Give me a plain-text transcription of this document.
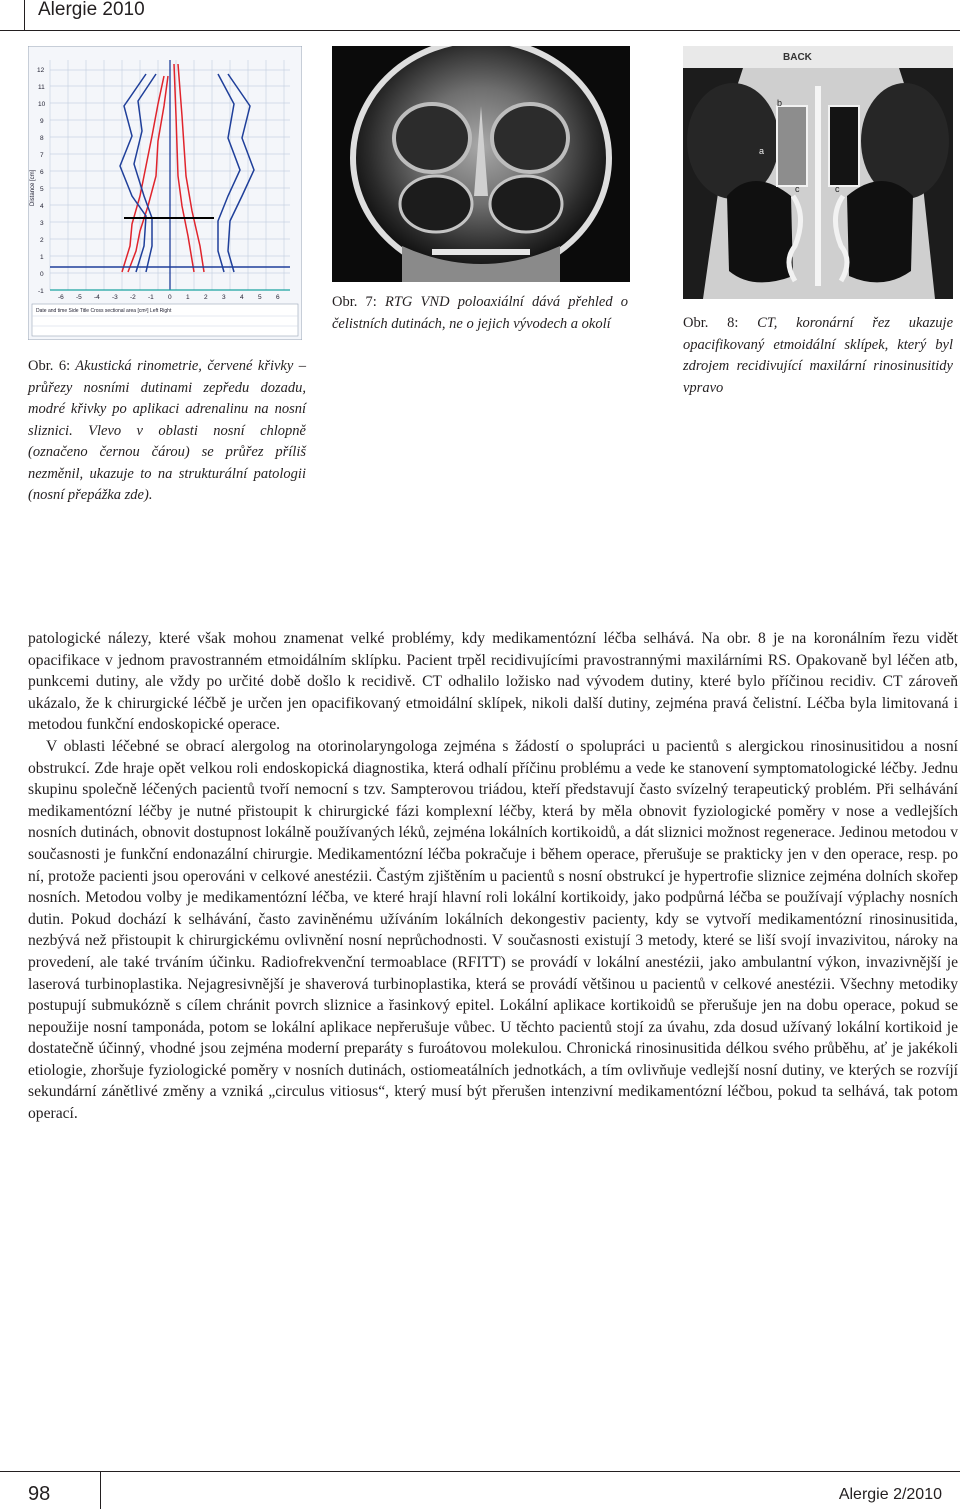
Alergie 2010
12
11
10
9
8
7
6
5
4
3
2
1
0
-1
Distance [cm]
-6 -5 -4 -3 -2 -1 0 1 2 3 4 5 6
Date and time Side Title Cross sectional area [cm²] Left Right
Obr. 6: Akustická rinometrie, červené křivky – průřezy nosními dutinami zepředu dozadu, modré křivky po aplikaci adrenalinu na nosní sliznici. Vlevo v oblasti nosní chlopně (označeno černou čárou) se průřez příliš nezměnil, ukazuje to na strukturální patologii (nosní přepážka zde).
Obr. 7: RTG VND poloaxiální dává přehled o čelistních dutinách, ne o jejich vývodech a okolí
BACK
b
a
c	c
Obr. 8: CT, koronární řez ukazuje opacifikovaný etmoidální sklípek, který byl zdrojem recidivující maxilární rinosinusitidy vpravo

patologické nálezy, které však mohou znamenat velké problémy, kdy medikamentózní léčba selhává. Na obr. 8 je na koronálním řezu vidět opacifikace v jednom pravostranném etmoidálním sklípku. Pacient trpěl recidivujícími pravostrannými maxilárními RS. Opakovaně byl léčen atb, punkcemi dutiny, ale vždy po určité době došlo k recidivě. CT odhalilo ložisko nad vývodem dutiny, které bylo příčinou recidiv. CT zároveň ukázalo, že k chirurgické léčbě je určen jen opacifikovaný etmoidální sklípek, nikoli další dutiny, zejména pravá čelistní. Léčba byla limitovaná i metodou funkční endoskopické operace.

V oblasti léčebné se obrací alergolog na otorinolaryngologa zejména s žádostí o spolupráci u pacientů s alergickou rinosinusitidou a nosní obstrukcí. Zde hraje opět velkou roli endoskopická diagnostika, která odhalí příčinu problému a vede ke stanovení symptomatologické léčby. Jednu skupinu společně léčených pacientů tvoří nemocní s tzv. Sampterovou triádou, kteří představují často svízelný terapeutický problém. Při selhávání medikamentózní léčby je nutné přistoupit k chirurgické fázi komplexní léčby, která by měla obnovit fyziologické poměry v nose a vedlejších nosních dutinách, obnovit dostupnost lokálně používaných léků, zejména lokálních kortikoidů, a dát sliznici možnost regenerace. Jedinou metodou v současnosti je funkční endonazální chirurgie. Medikamentózní léčba pokračuje i během operace, přerušuje se prakticky jen v den operace, resp. po ní, protože pacienti jsou operováni v celkové anestézii. Častým zjištěním u pacientů s nosní obstrukcí je hypertrofie sliznice zejména dolních skořep nosních. Metodou volby je medikamentózní léčba, ve které hrají hlavní roli lokální kortikoidy, jako podpůrná léčba se používají výplachy nosních dutin. Pokud dochází k selhávání, často zaviněnému užíváním lokálních dekongestiv pacienty, kdy se vytvoří medikamentózní rinosinusitida, nezbývá než přistoupit k chirurgickému ovlivnění nosní neprůchodnosti. V současnosti existují 3 metody, které se liší svojí invazivitou, nároky na provedení, ale také trváním účinku. Radiofrekvenční termoablace (RFITT) se provádí v lokální anestézii, jako ambulantní výkon, invazivnější je laserová turbinoplastika. Nejagresivnější je shaverová turbinoplastika, která se provádí většinou u pacientů v celkové anestézii. Všechny metodiky postupují submukózně s cílem chránit povrch sliznice a řasinkový epitel. Lokální aplikace kortikoidů se přerušuje jen na dobu operace, pokud se nepoužije nosní tamponáda, potom se lokální aplikace nepřerušuje vůbec. U těchto pacientů stojí za úvahu, zda dosud užívaný lokální kortikoid je dostatečně účinný, vhodné jsou zejména moderní preparáty s furoátovou molekulou. Chronická rinosinusitida délkou svého průběhu, ať je jakékoli etiologie, zhoršuje fyziologické poměry v nosních dutinách, ostiomeatálních jednotkách, a tím ovlivňuje vedlejší nosní dutiny, ve kterých se rozvíjí sekundární zánětlivé změny a vzniká „circulus vitiosus“, který musí být přerušen intenzivní medikamentózní léčbou, pokud ta selhává, tak potom operací.

98	Alergie 2/2010
